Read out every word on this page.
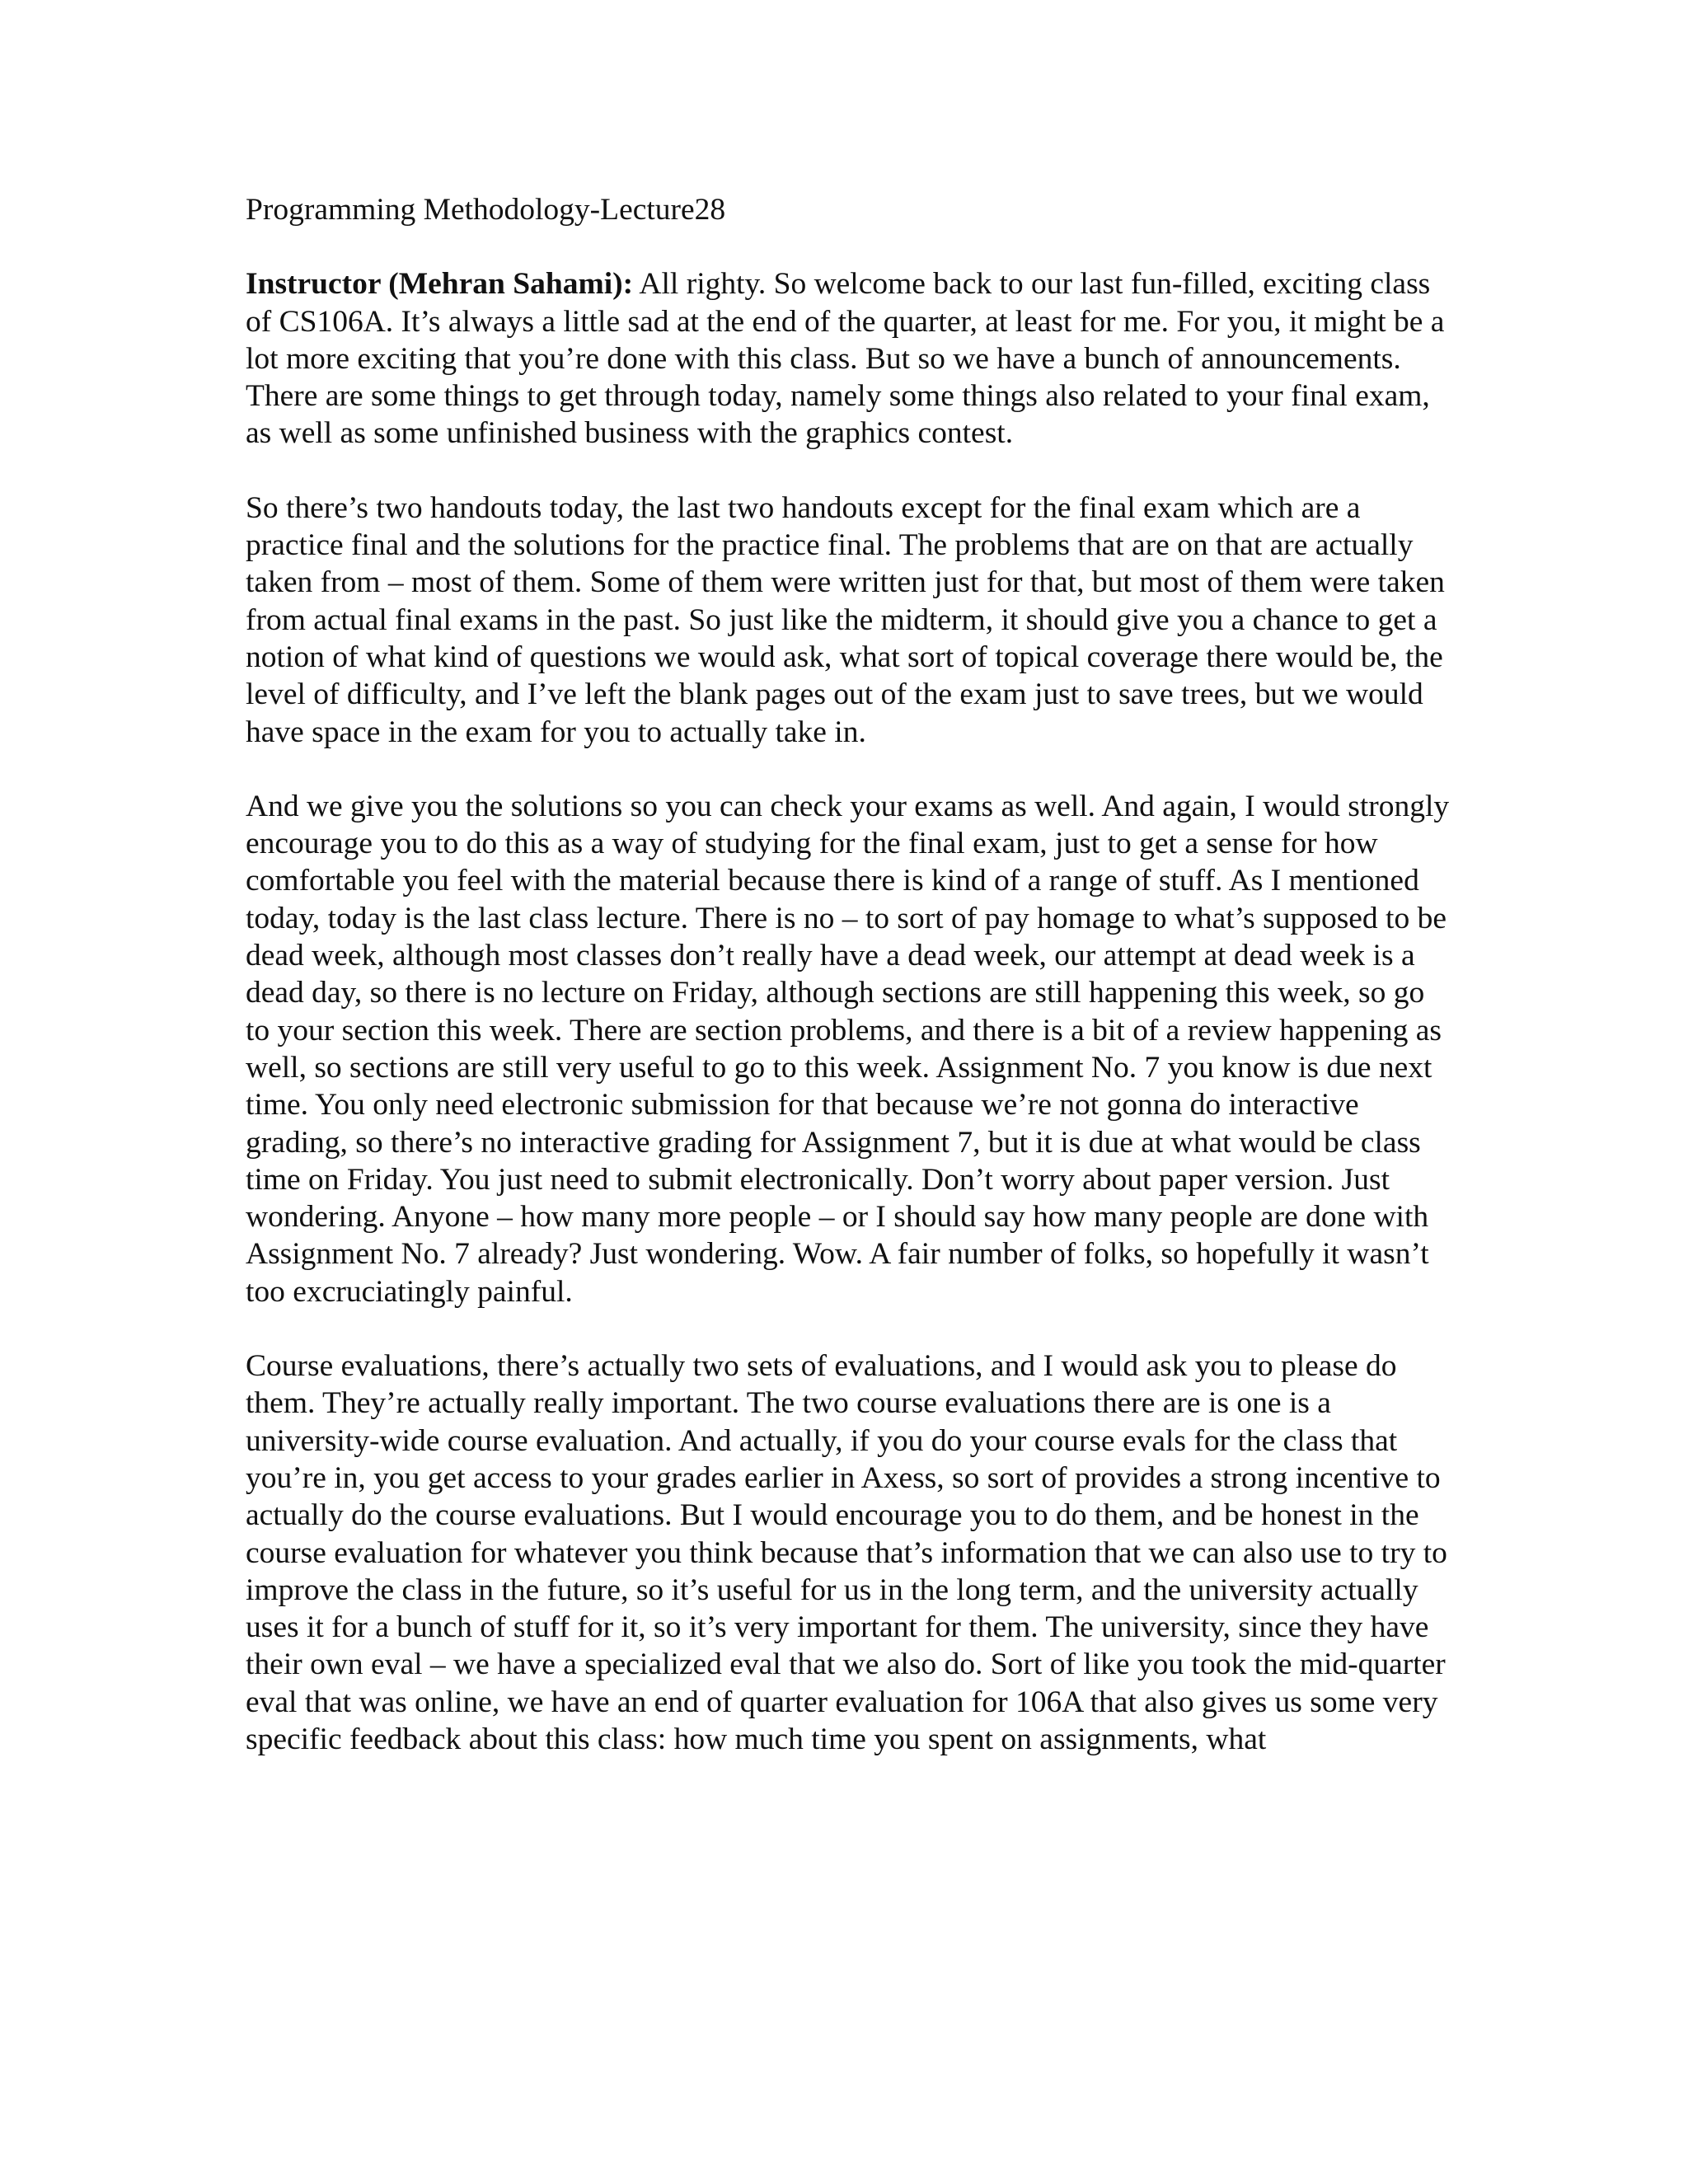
Programming Methodology-Lecture28

Instructor (Mehran Sahami): All righty. So welcome back to our last fun-filled, exciting class of CS106A. It’s always a little sad at the end of the quarter, at least for me. For you, it might be a lot more exciting that you’re done with this class. But so we have a bunch of announcements. There are some things to get through today, namely some things also related to your final exam, as well as some unfinished business with the graphics contest.

So there’s two handouts today, the last two handouts except for the final exam which are a practice final and the solutions for the practice final. The problems that are on that are actually taken from – most of them. Some of them were written just for that, but most of them were taken from actual final exams in the past. So just like the midterm, it should give you a chance to get a notion of what kind of questions we would ask, what sort of topical coverage there would be, the level of difficulty, and I’ve left the blank pages out of the exam just to save trees, but we would have space in the exam for you to actually take in.

And we give you the solutions so you can check your exams as well. And again, I would strongly encourage you to do this as a way of studying for the final exam, just to get a sense for how comfortable you feel with the material because there is kind of a range of stuff. As I mentioned today, today is the last class lecture. There is no – to sort of pay homage to what’s supposed to be dead week, although most classes don’t really have a dead week, our attempt at dead week is a dead day, so there is no lecture on Friday, although sections are still happening this week, so go to your section this week. There are section problems, and there is a bit of a review happening as well, so sections are still very useful to go to this week. Assignment No. 7 you know is due next time. You only need electronic submission for that because we’re not gonna do interactive grading, so there’s no interactive grading for Assignment 7, but it is due at what would be class time on Friday. You just need to submit electronically. Don’t worry about paper version. Just wondering. Anyone – how many more people – or I should say how many people are done with Assignment No. 7 already? Just wondering. Wow. A fair number of folks, so hopefully it wasn’t too excruciatingly painful.

Course evaluations, there’s actually two sets of evaluations, and I would ask you to please do them. They’re actually really important. The two course evaluations there are is one is a university-wide course evaluation. And actually, if you do your course evals for the class that you’re in, you get access to your grades earlier in Axess, so sort of provides a strong incentive to actually do the course evaluations. But I would encourage you to do them, and be honest in the course evaluation for whatever you think because that’s information that we can also use to try to improve the class in the future, so it’s useful for us in the long term, and the university actually uses it for a bunch of stuff for it, so it’s very important for them. The university, since they have their own eval – we have a specialized eval that we also do. Sort of like you took the mid-quarter eval that was online, we have an end of quarter evaluation for 106A that also gives us some very specific feedback about this class: how much time you spent on assignments, what
